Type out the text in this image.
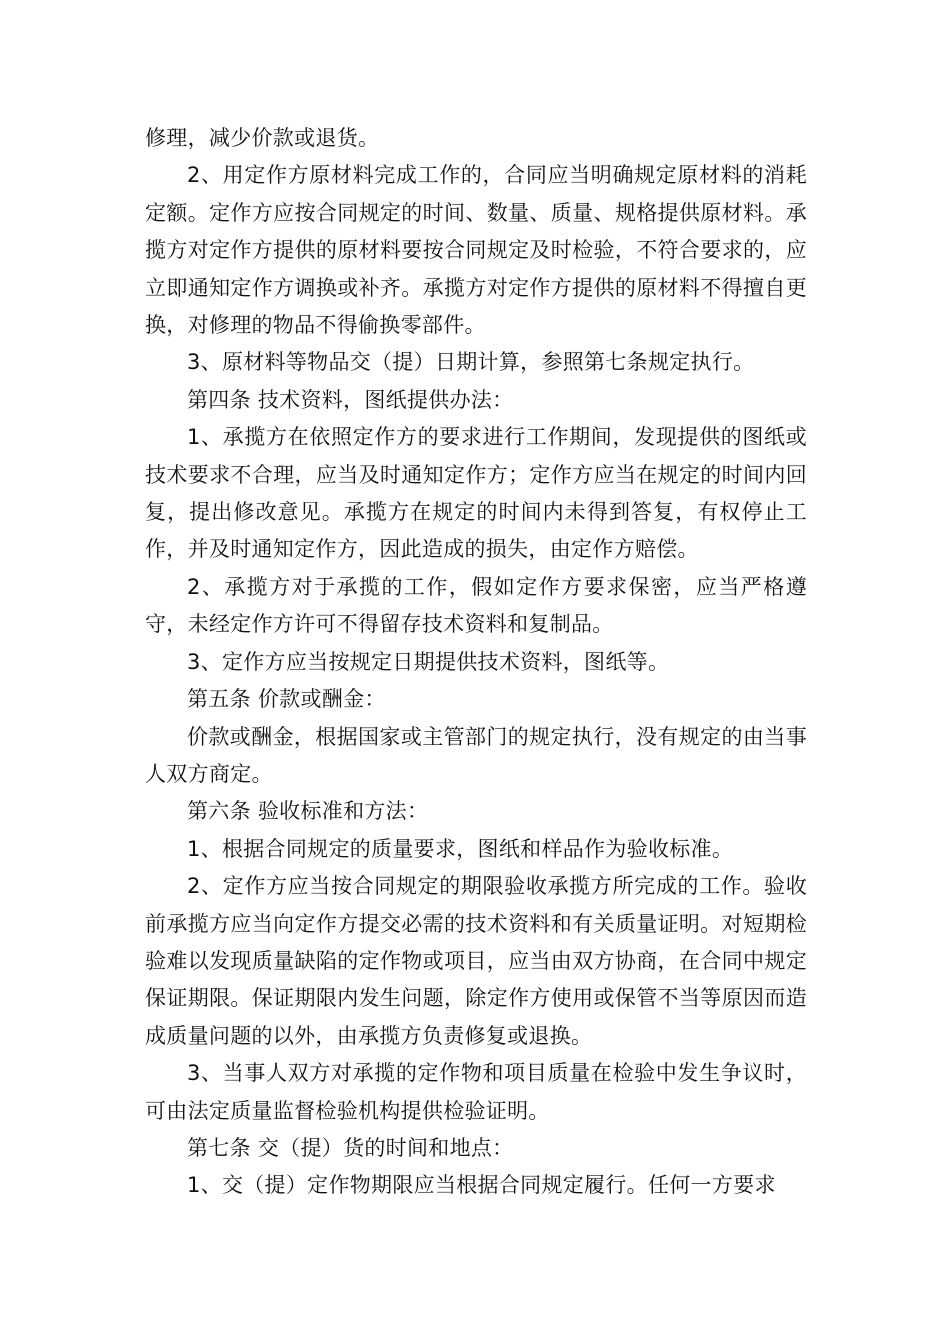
修理，减少价款或退货。

2、用定作方原材料完成工作的，合同应当明确规定原材料的消耗定额。定作方应按合同规定的时间、数量、质量、规格提供原材料。承揽方对定作方提供的原材料要按合同规定及时检验，不符合要求的，应立即通知定作方调换或补齐。承揽方对定作方提供的原材料不得擅自更换，对修理的物品不得偷换零部件。

3、原材料等物品交（提）日期计算，参照第七条规定执行。

第四条 技术资料，图纸提供办法：

1、承揽方在依照定作方的要求进行工作期间，发现提供的图纸或技术要求不合理，应当及时通知定作方；定作方应当在规定的时间内回复，提出修改意见。承揽方在规定的时间内未得到答复，有权停止工作，并及时通知定作方，因此造成的损失，由定作方赔偿。

2、承揽方对于承揽的工作，假如定作方要求保密，应当严格遵守，未经定作方许可不得留存技术资料和复制品。

3、定作方应当按规定日期提供技术资料，图纸等。

第五条 价款或酬金：

价款或酬金，根据国家或主管部门的规定执行，没有规定的由当事人双方商定。

第六条 验收标准和方法：

1、根据合同规定的质量要求，图纸和样品作为验收标准。

2、定作方应当按合同规定的期限验收承揽方所完成的工作。验收前承揽方应当向定作方提交必需的技术资料和有关质量证明。对短期检验难以发现质量缺陷的定作物或项目，应当由双方协商，在合同中规定保证期限。保证期限内发生问题，除定作方使用或保管不当等原因而造成质量问题的以外，由承揽方负责修复或退换。

3、当事人双方对承揽的定作物和项目质量在检验中发生争议时，可由法定质量监督检验机构提供检验证明。

第七条 交（提）货的时间和地点：

1、交（提）定作物期限应当根据合同规定履行。任何一方要求
